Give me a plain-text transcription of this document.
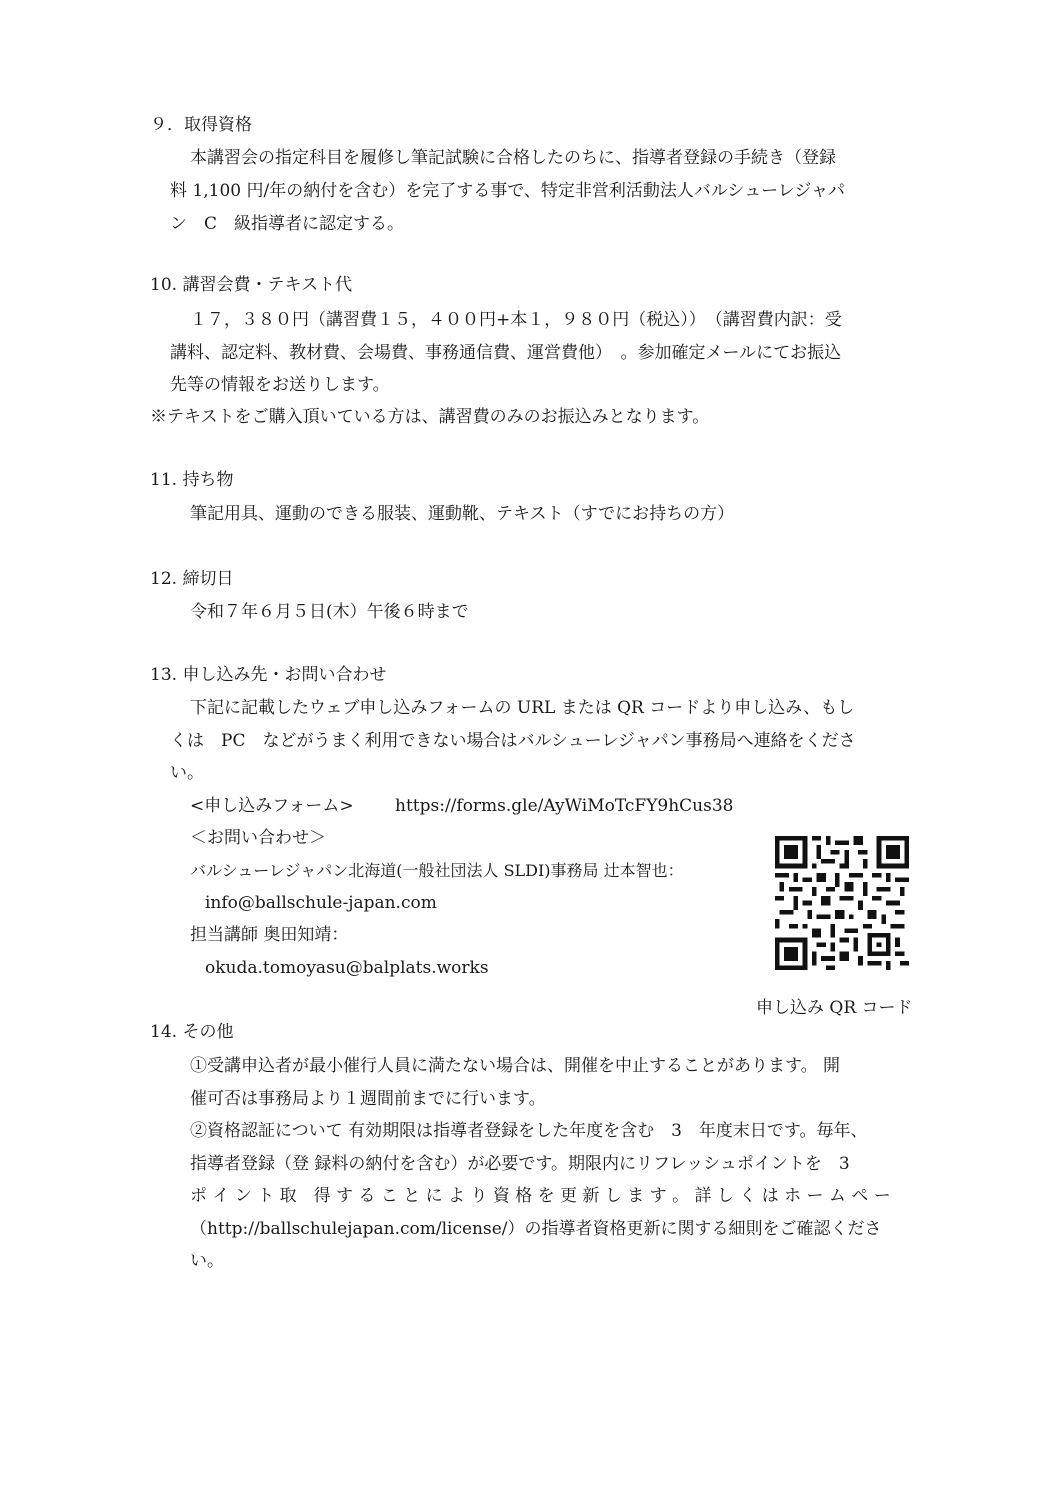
９．取得資格
本講習会の指定科目を履修し筆記試験に合格したのちに、指導者登録の手続き（登録
料 1,100 円/年の納付を含む）を完了する事で、特定非営利活動法人バルシューレジャパ
ン　C　級指導者に認定する。
10. 講習会費・テキスト代
１７，３８０円（講習費１５，４００円+本１，９８０円（税込））　（講習費内訳：受
講料、認定料、教材費、会場費、事務通信費、運営費他）　。参加確定メールにてお振込
先等の情報をお送りします。
※テキストをご購入頂いている方は、講習費のみのお振込みとなります。
11. 持ち物
筆記用具、運動のできる服装、運動靴、テキスト（すでにお持ちの方）
12. 締切日
令和７年６月５日(木）午後６時まで
13. 申し込み先・お問い合わせ
下記に記載したウェブ申し込みフォームの URL または QR コードより申し込み、もし
くは　PC　などがうまく利用できない場合はバルシューレジャパン事務局へ連絡をくださ
い。
<申し込みフォーム> https://forms.gle/AyWiMoTcFY9hCus38
＜お問い合わせ＞
バルシューレジャパン北海道(一般社団法人 SLDI)事務局 辻本智也：
info@ballschule-japan.com
担当講師 奥田知靖：
okuda.tomoyasu@balplats.works
申し込み QR コード
14. その他
①受講申込者が最小催行人員に満たない場合は、開催を中止することがあります。 開
催可否は事務局より１週間前までに行います。
②資格認証について 有効期限は指導者登録をした年度を含む　3　年度末日です。毎年、
指導者登録（登 録料の納付を含む）が必要です。期限内にリフレッシュポイントを　3
ポ イ ン ト 取　得 す る こ と に よ り 資 格 を 更 新 し ま す 。 詳 し く は ホ ー ム ペ ー
（http://ballschulejapan.com/license/）の指導者資格更新に関する細則をご確認くださ
い。
